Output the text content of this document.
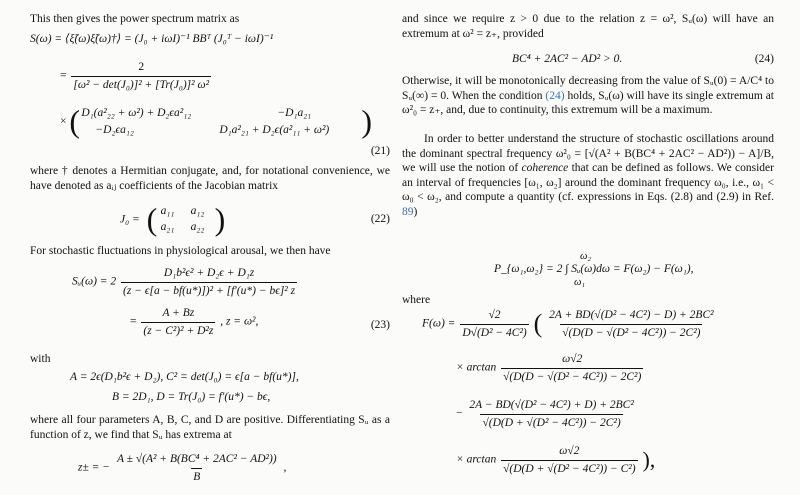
This then gives the power spectrum matrix as

S(ω) = ⟨ξ̃(ω)ξ̃(ω)†⟩ = (J₀ + iωI)⁻¹ BBᵀ (J₀ᵀ − iωI)⁻¹
= $\frac{2}{\text{[ω² − det(J₀)]² + [Tr(J₀)]² ω²}}$
× ( D₁(a²₂₂ + ω²) + D₂ϵa²₁₂	−D₁a₂₁
−D₂ϵa₁₂	D₁a²₂₁ + D₂ϵ(a²₁₁ + ω²) )
(21)

where † denotes a Hermitian conjugate, and, for notational convenience, we have denoted as aᵢⱼ coefficients of the Jacobian matrix

J₀ = ( a₁₁ a₁₂
a₂₁ a₂₂ )	(22)

For stochastic fluctuations in physiological arousal, we then have

Sᵤ(ω) = $2 \frac{\text{D₁b²ϵ² + D₂ϵ + D₁z}}{\text{(z − ϵ[a − bf(u*)])² + [f′(u*) − bϵ]² z}}$
= $\frac{A + Bz}{\text{(z − C²)² + D²z}}$ , z = ω²,	(23)

with

A = 2ϵ(D₁b²ϵ + D₂), C² = det(J₀) = ϵ[a − bf(u*)],
B = 2D₁, D = Tr(J₀) = f′(u*) − bϵ,

where all four parameters A, B, C, and D are positive. Differentiating Sᵤ as a function of z, we find that Sᵤ has extrema at

z± = − $\frac{\text{A ± √(A² + B(BC⁴ + 2AC² − AD²))}}{B}$ ,

and since we require z > 0 due to the relation z = ω², Sᵤ(ω) will have an extremum at ω² = z₊, provided

BC⁴ + 2AC² − AD² > 0.	(24)

Otherwise, it will be monotonically decreasing from the value of Sᵤ(0) = A/C⁴ to Sᵤ(∞) = 0. When the condition (24) holds, Sᵤ(ω) will have its single extremum at ω²₀ = z₊, and, due to continuity, this extremum will be a maximum.

In order to better understand the structure of stochastic oscillations around the dominant spectral frequency ω²₀ = [√(A² + B(BC⁴ + 2AC² − AD²)) − A]/B, we will use the notion of coherence that can be defined as follows. We consider an interval of frequencies [ω₁, ω₂] around the dominant frequency ω₀, i.e., ω₁ < ω₀ < ω₂, and compute a quantity (cf. expressions in Eqs. (2.8) and (2.9) in Ref. 89)

P_{ω₁,ω₂} = 2 ∫ Sᵤ(ω)dω = F(ω₂) − F(ω₁),
ω₂
ω₁

where

$F(\omega) = \frac{√2}{\text{D√(D² − 4C²)}}$ ( $\frac{\text{2A + BD(√(D² − 4C²) − D) + 2BC²}}{\text{√(D(D − √(D² − 4C²)) − 2C²)}}$
× $\arctan \frac{\omega√2}{\text{√(D(D − √(D² − 4C²)) − 2C²)}}$
− $\frac{\text{2A − BD(√(D² − 4C²) + D) + 2BC²}}{\text{√(D(D + √(D² − 4C²)) − 2C²)}}$
× $\arctan \frac{\omega√2}{\text{√(D(D + √(D² − 4C²)) − C²)}}$ ),
